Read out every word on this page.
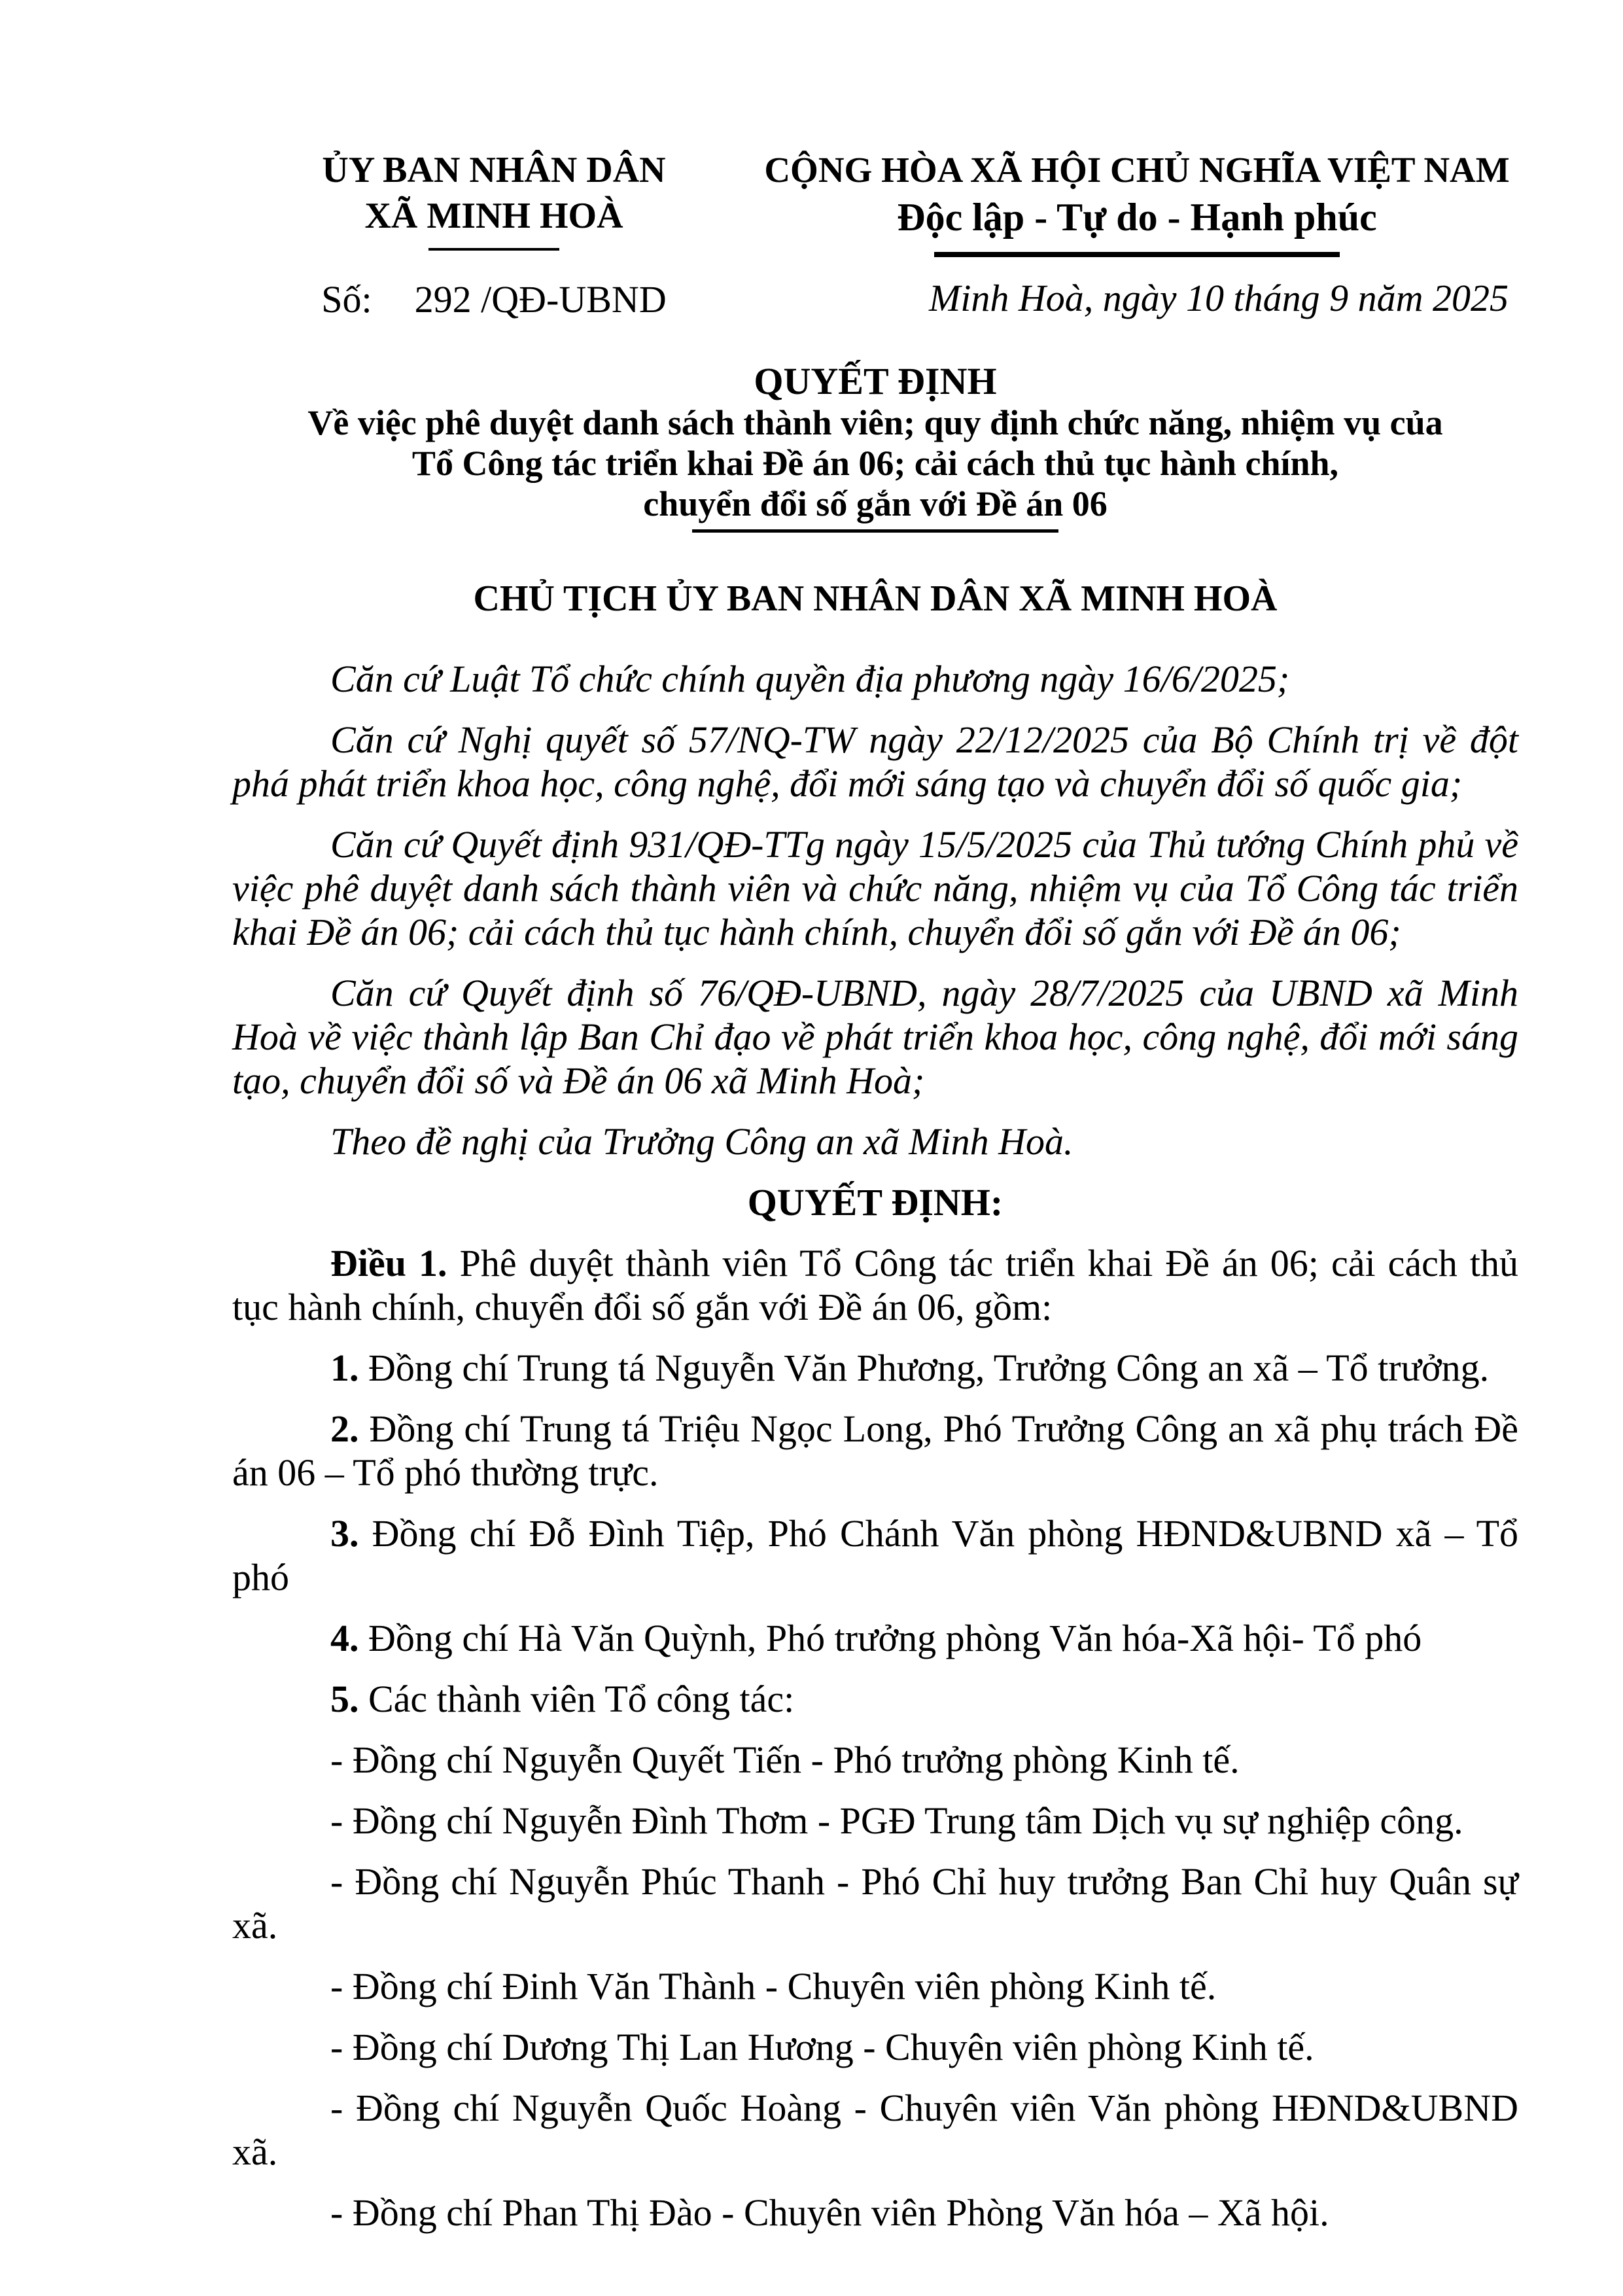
ỦY BAN NHÂN DÂN
XÃ MINH HOÀ
Số: 292 /QĐ-UBND
CỘNG HÒA XÃ HỘI CHỦ NGHĨA VIỆT NAM
Độc lập - Tự do - Hạnh phúc
Minh Hoà, ngày 10 tháng 9 năm 2025
QUYẾT ĐỊNH
Về việc phê duyệt danh sách thành viên; quy định chức năng, nhiệm vụ của
Tổ Công tác triển khai Đề án 06; cải cách thủ tục hành chính,
chuyển đổi số gắn với Đề án 06
CHỦ TỊCH ỦY BAN NHÂN DÂN XÃ MINH HOÀ

Căn cứ Luật Tổ chức chính quyền địa phương ngày 16/6/2025;

Căn cứ Nghị quyết số 57/NQ-TW ngày 22/12/2025 của Bộ Chính trị về đột phá phát triển khoa học, công nghệ, đổi mới sáng tạo và chuyển đổi số quốc gia;

Căn cứ Quyết định 931/QĐ-TTg ngày 15/5/2025 của Thủ tướng Chính phủ về việc phê duyệt danh sách thành viên và chức năng, nhiệm vụ của Tổ Công tác triển khai Đề án 06; cải cách thủ tục hành chính, chuyển đổi số gắn với Đề án 06;

Căn cứ Quyết định số 76/QĐ-UBND, ngày 28/7/2025 của UBND xã Minh Hoà về việc thành lập Ban Chỉ đạo về phát triển khoa học, công nghệ, đổi mới sáng tạo, chuyển đổi số và Đề án 06 xã Minh Hoà;

Theo đề nghị của Trưởng Công an xã Minh Hoà.

QUYẾT ĐỊNH:

Điều 1. Phê duyệt thành viên Tổ Công tác triển khai Đề án 06; cải cách thủ tục hành chính, chuyển đổi số gắn với Đề án 06, gồm:

1. Đồng chí Trung tá Nguyễn Văn Phương, Trưởng Công an xã – Tổ trưởng.

2. Đồng chí Trung tá Triệu Ngọc Long, Phó Trưởng Công an xã phụ trách Đề án 06 – Tổ phó thường trực.

3. Đồng chí Đỗ Đình Tiệp, Phó Chánh Văn phòng HĐND&UBND xã – Tổ phó

4. Đồng chí Hà Văn Quỳnh, Phó trưởng phòng Văn hóa-Xã hội- Tổ phó

5. Các thành viên Tổ công tác:

- Đồng chí Nguyễn Quyết Tiến - Phó trưởng phòng Kinh tế.

- Đồng chí Nguyễn Đình Thơm - PGĐ Trung tâm Dịch vụ sự nghiệp công.

- Đồng chí Nguyễn Phúc Thanh - Phó Chỉ huy trưởng Ban Chỉ huy Quân sự xã.

- Đồng chí Đinh Văn Thành - Chuyên viên phòng Kinh tế.

- Đồng chí Dương Thị Lan Hương - Chuyên viên phòng Kinh tế.

- Đồng chí Nguyễn Quốc Hoàng - Chuyên viên Văn phòng HĐND&UBND xã.

- Đồng chí Phan Thị Đào - Chuyên viên Phòng Văn hóa – Xã hội.
